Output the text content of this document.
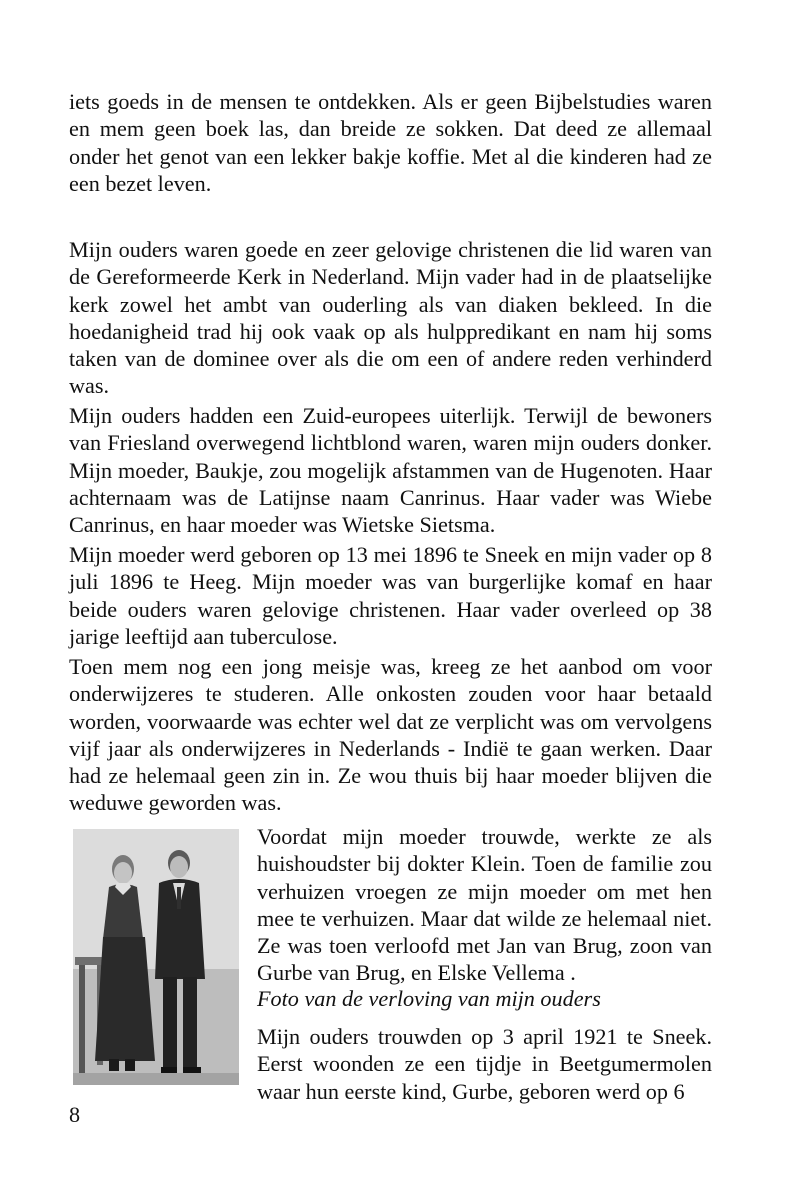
iets goeds in de mensen te ontdekken. Als er geen Bijbelstudies waren en mem geen boek las, dan breide ze sokken. Dat deed ze allemaal onder het genot van een lekker bakje koffie. Met al die kinderen had ze een bezet leven.

Mijn ouders waren goede en zeer gelovige christenen die lid waren van de Gereformeerde Kerk in Nederland. Mijn vader had in de plaatselijke kerk zowel het ambt van ouderling als van diaken bekleed. In die hoedanigheid trad hij ook vaak op als hulppredikant en nam hij soms taken van de dominee over als die om een of andere reden verhinderd was.

Mijn ouders hadden een Zuid-europees uiterlijk. Terwijl de bewoners van Friesland overwegend lichtblond waren, waren mijn ouders donker. Mijn moeder, Baukje, zou mogelijk afstammen van de Hugenoten. Haar achternaam was de Latijnse naam Canrinus. Haar vader was Wiebe Canrinus, en haar moeder was Wietske Sietsma.

Mijn moeder werd geboren op 13 mei 1896 te Sneek en mijn vader op 8 juli 1896 te Heeg. Mijn moeder was van burgerlijke komaf en haar beide ouders waren gelovige christenen. Haar vader overleed op 38 jarige leeftijd aan tuberculose.

Toen mem nog een jong meisje was, kreeg ze het aanbod om voor onderwijzeres te studeren. Alle onkosten zouden voor haar betaald worden, voorwaarde was echter wel dat ze verplicht was om vervolgens vijf jaar als onderwijzeres in Nederlands - Indië te gaan werken. Daar had ze helemaal geen zin in. Ze wou thuis bij haar moeder blijven die weduwe geworden was.

Voordat mijn moeder trouwde, werkte ze als huishoudster bij dokter Klein. Toen de familie zou verhuizen vroegen ze mijn moeder om met hen mee te verhuizen. Maar dat wilde ze helemaal niet. Ze was toen verloofd met Jan van Brug, zoon van Gurbe van Brug, en Elske Vellema .

Foto van de verloving van mijn ouders

Mijn ouders trouwden op 3 april 1921 te Sneek. Eerst woonden ze een tijdje in Beetgumermolen waar hun eerste kind, Gurbe, geboren werd op 6

8
